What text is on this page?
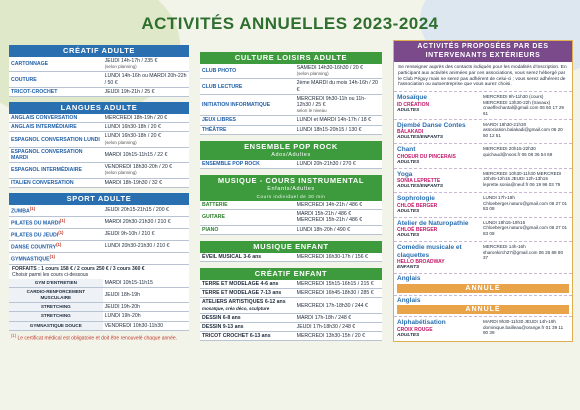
ACTIVITÉS ANNUELLES 2023-2024
CRÉATIF ADULTE
CARTONNAGE	JEUDI 14h-17h / 235 €
(selon planning)

COUTURE	LUNDI 14h-16h ou MARDI 20h-22h / 50 €
TRICOT-CROCHET	JEUDI 19h-21h / 25 €
LANGUES ADULTE
ANGLAIS CONVERSATION	MERCREDI 18h-19h / 20 €
ANGLAIS INTERMÉDIAIRE	LUNDI 16h30-18h / 20 €
ESPAGNOL CONVERSATION LUNDI	LUNDI 16h30-18h / 20 €
(selon planning)

ESPAGNOL CONVERSATION MARDI	MARDI 10h15-11h15 / 22 €
ESPAGNOL INTERMÉDIAIRE	VENDREDI 18h30-20h / 20 €
(selon planning)

ITALIEN CONVERSATION	MARDI 18h-19h30 / 32 €
SPORT ADULTE
ZUMBA$^{(1)}$	JEUDI 20h15-21h15 / 200 €
PILATES DU MARDI$^{(1)}$	MARDI 20h30-21h30 / 210 €
PILATES DU JEUDI$^{(1)}$	JEUDI 9h-10h / 210 €
DANSE COUNTRY$^{(1)}$	LUNDI 20h30-21h30 / 210 €
GYMNASTIQUE$^{(1)}$
FORFAITS : 1 cours 158 € / 2 cours 250 € / 3 cours 360 €
Choisir parmi les cours ci-dessous
GYM D'ENTRETIEN	MARDI 10h15-11h15
CARDIO-RENFORCEMENT MUSCULAIRE	JEUDI 18h-19h
STRETCHING	JEUDI 19h-20h
STRETCHING	LUNDI 19h-20h
GYMNASTIQUE DOUCE	VENDREDI 10h30-11h30
$^{(1)}$ Le certificat médical est obligatoire et doit être renouvelé chaque année.
CULTURE LOISIRS ADULTE
CLUB PHOTO	SAMEDI 14h30-16h30 / 20 €
(selon planning)

CLUB LECTURE	2ème MARDI du mois 14h-16h / 20 €
INITIATION INFORMATIQUE	MERCREDI 9h30-11h ou 11h-12h30 / 25 €
selon le niveau

JEUX LIBRES	LUNDI et MARDI 14h-17h / 18 €
THÉÂTRE	LUNDI 18h15-20h15 / 130 €
ENSEMBLE POP ROCK
Ados/Adultes
ENSEMBLE POP ROCK	LUNDI 20h-21h30 / 270 €
MUSIQUE - COURS INSTRUMENTAL
Enfants/Adultes
Cours individuel de 30 min
BATTERIE	MERCREDI 14h-21h / 486 €
GUITARE	MARDI 15h-21h / 486 € MERCREDI 15h-21h / 486 €
PIANO	LUNDI 18h-20h / 490 €
MUSIQUE ENFANT
ÉVEIL MUSICAL 3-6 ans	MERCREDI 16h30-17h / 156 €
CRÉATIF ENFANT
TERRE ET MODELAGE 4-6 ans	MERCREDI 15h15-16h15 / 215 €
TERRE ET MODELAGE 7-13 ans	MERCREDI 16h45-18h30 / 285 €
ATELIERS ARTISTIQUES 6-12 ans
mosaïque, créa déco, sculpture	MERCREDI 17h-18h30 / 244 €
DESSIN 6-8 ans	MARDI 17h-18h / 248 €
DESSIN 9-13 ans	JEUDI 17h-18h30 / 248 €
TRICOT CROCHET 6-13 ans	MERCREDI 13h30-15h / 20 €
ACTIVITÉS PROPOSÉES PAR DES INTERVENANTS EXTÉRIEURS
Se renseigner auprès des contacts indiqués pour les modalités d'inscription. En participant aux activités animées par ces associations, vous serez hébergé par le Club Péguy mais ne serez pas adhérent de celui-ci ; vous serez adhérent de l'association ou autoentreprise que vous aurez choisi.
Mosaïque
ID CRÉATION
ADULTES
MERCREDI 9h-11h30 (cours) MERCREDI 13h30-22h (travaux) cnaeffechantal@gmail.com 06 60 17 29 61
Djembé Danse Contes
BALAKADI
ADULTES/ENFANTS
MARDI 18h30-21h30 association.balakadi@gmail.com 06 20 50 12 51
Chant
CHOEUR DU PINCERAIS
ADULTES
MERCREDI 20h15-22h30 quichaud@noos.fr 06 08 36 54 69
Yoga
SONIA LEPRETTE
ADULTES/ENFANTS
MERCREDI 10h30-11h30 MERCREDI 10h45-12h15 JEUDI 12h-13h15 leprette.sonia@neuf.fr 06 19 96 03 79
Sophrologie
CHLOÉ BERGER
ADULTES
LUNDI 17h-18h Chloeberger.naturo@gmail.com 06 27 01 83 08
Atelier de Naturopathie
CHLOÉ BERGER
ADULTES
LUNDI 18h15-19h15 Chloeberger.naturo@gmail.com 06 27 01 83 08
Comédie musicale et claquettes
HELLO BROADWAY
ENFANTS
MERCREDI 14h-16h sharonkirch27@gmail.com 06 26 88 80 37
Anglais
ANNULÉ
Anglais
ANNULÉ
Alphabétisation
CROIX ROUGE
ADULTES
MARDI 9h30-11h30 JEUDI 14h-19h dominique.bailleau@orange.fr 01 39 11 90 39
